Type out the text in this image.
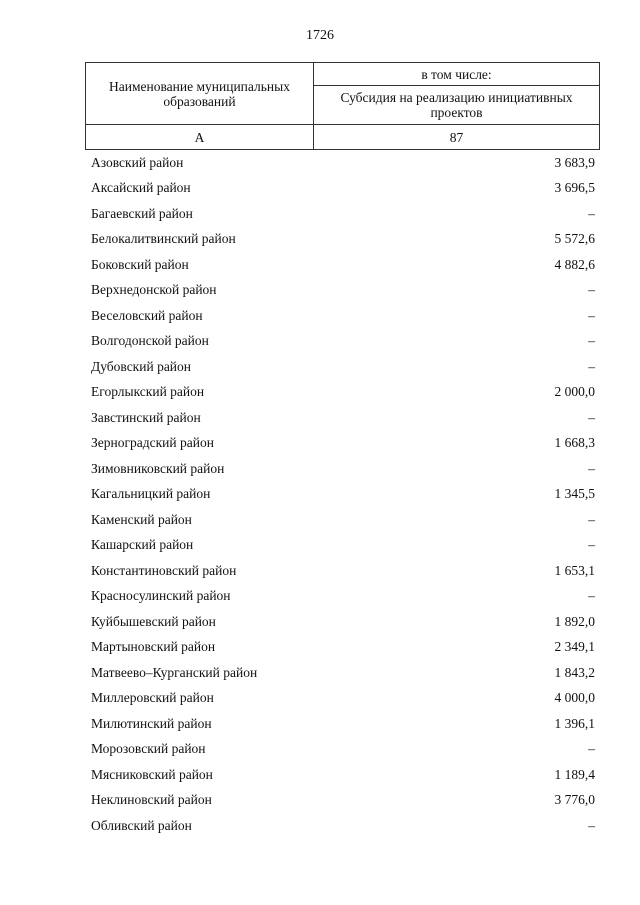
1726
Наименование муниципальных образований	в том числе:
	Субсидия на реализацию инициативных проектов
А	87
Азовский район	3 683,9
Аксайский район	3 696,5
Багаевский район	–
Белокалитвинский район	5 572,6
Боковский район	4 882,6
Верхнедонской район	–
Веселовский район	–
Волгодонской район	–
Дубовский район	–
Егорлыкский район	2 000,0
Завстинский район	–
Зерноградский район	1 668,3
Зимовниковский район	–
Кагальницкий район	1 345,5
Каменский район	–
Кашарский район	–
Константиновский район	1 653,1
Красносулинский район	–
Куйбышевский район	1 892,0
Мартыновский район	2 349,1
Матвеево–Курганский район	1 843,2
Миллеровский район	4 000,0
Милютинский район	1 396,1
Морозовский район	–
Мясниковский район	1 189,4
Неклиновский район	3 776,0
Обливский район	–
